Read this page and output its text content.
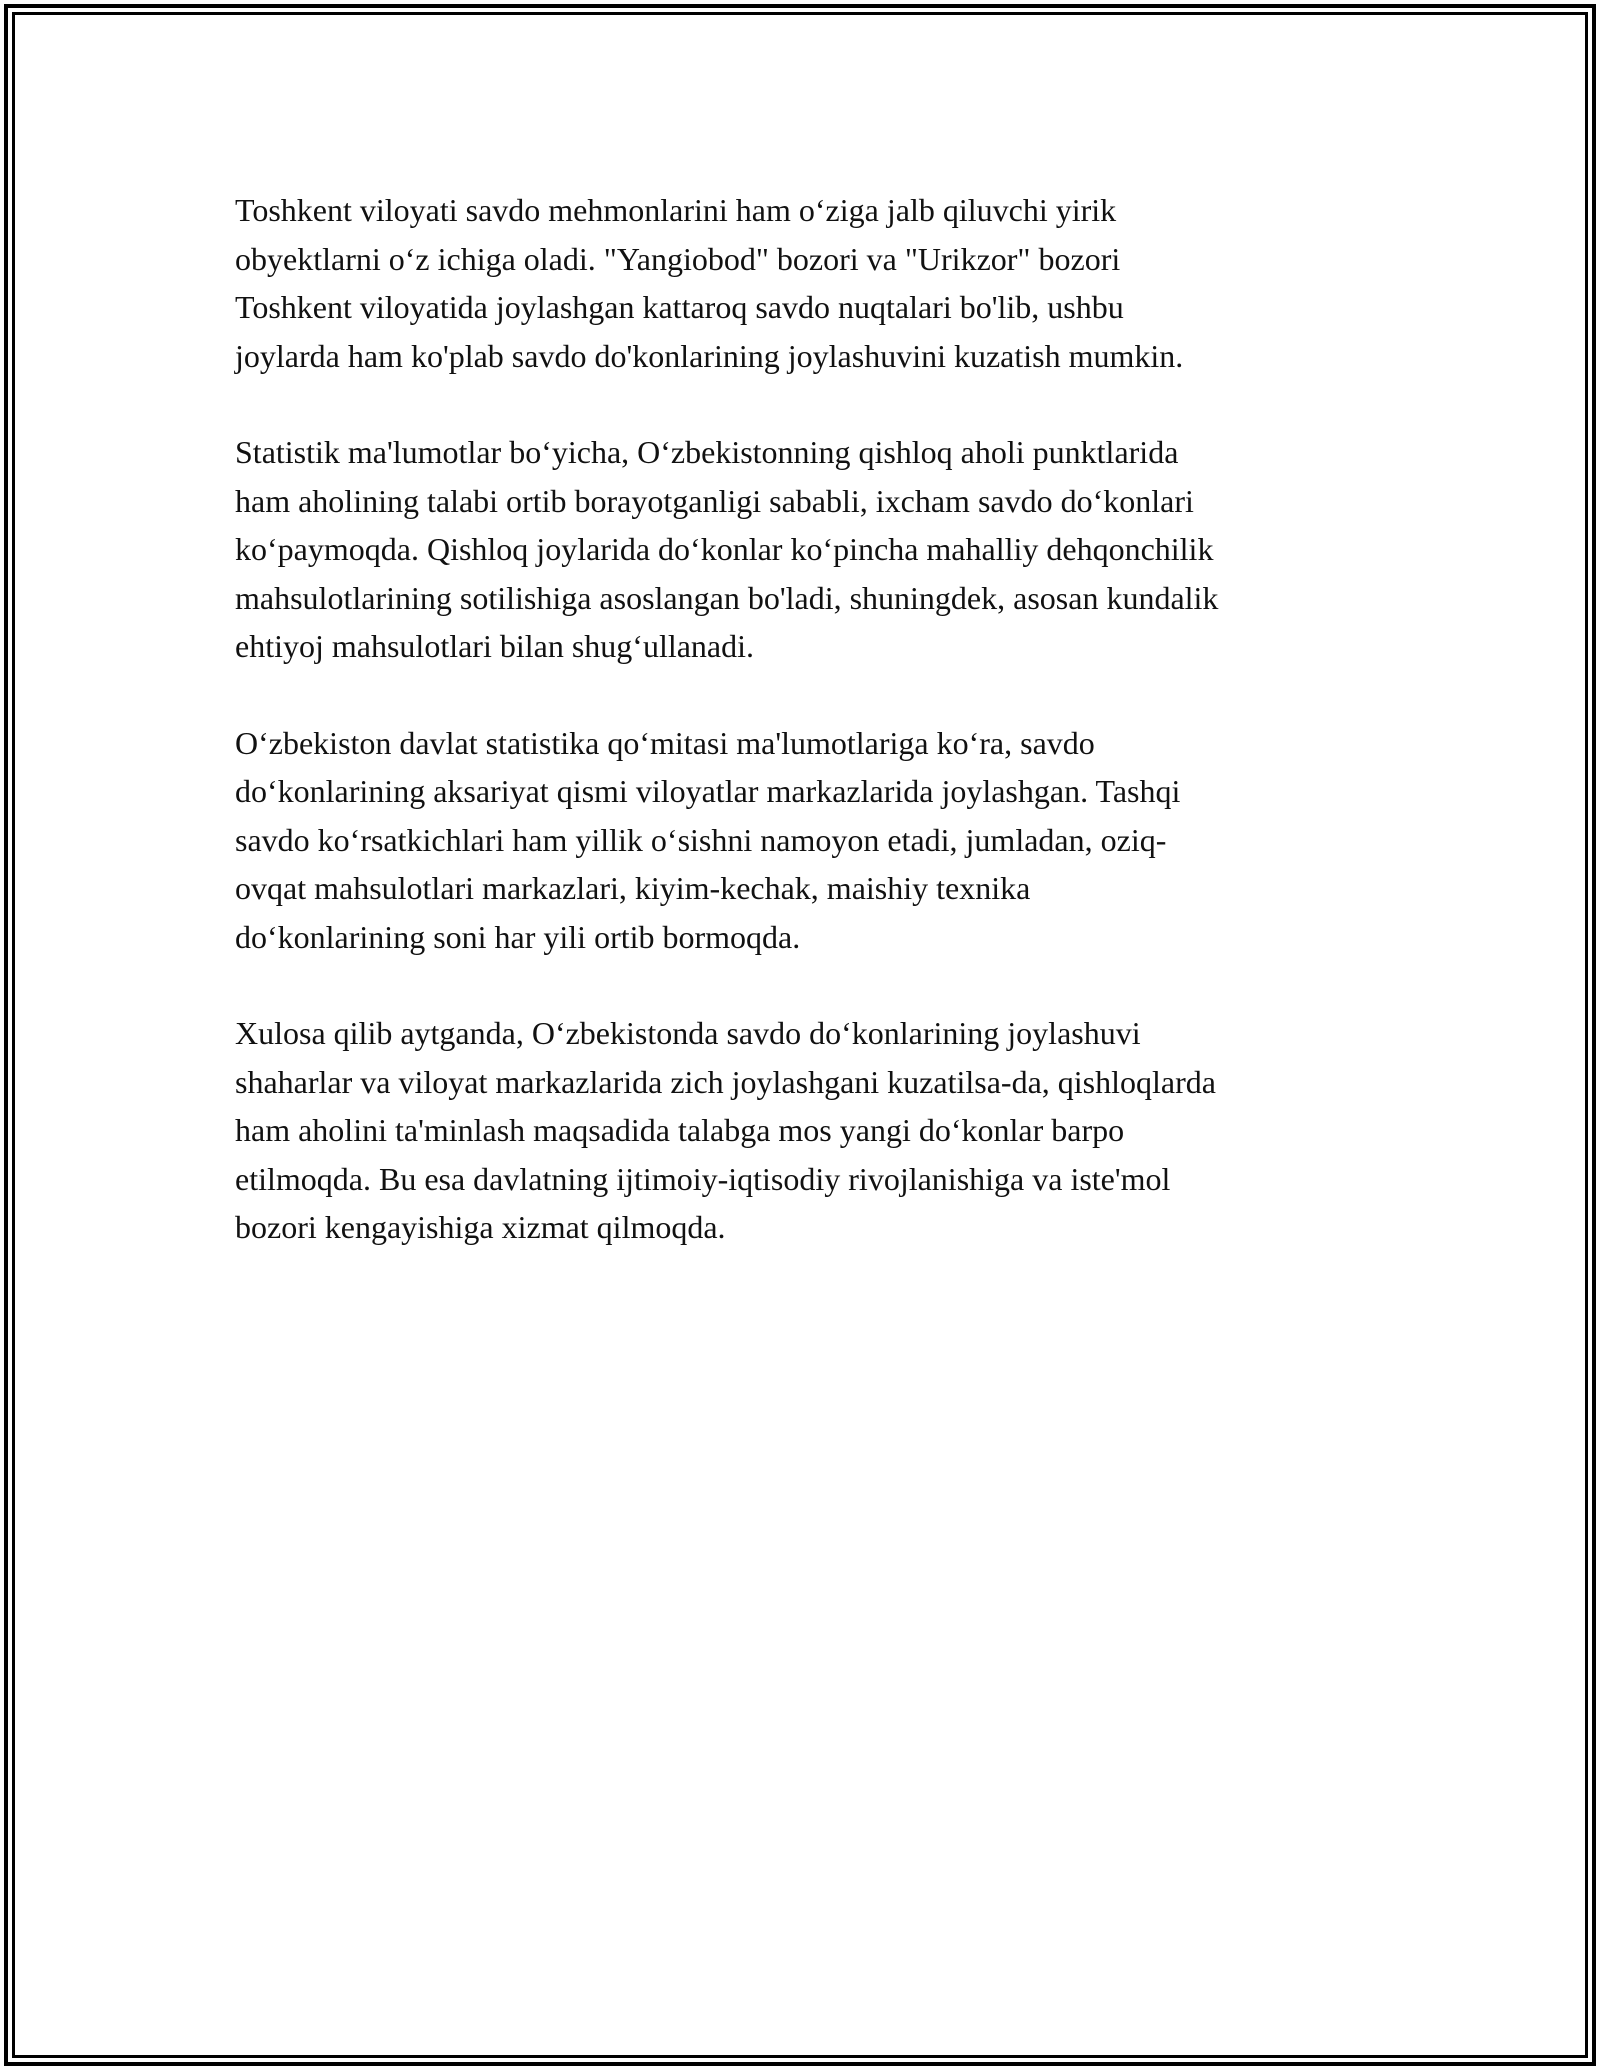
Toshkent viloyati savdo mehmonlarini ham o‘ziga jalb qiluvchi yirik
obyektlarni o‘z ichiga oladi. "Yangiobod" bozori va "Urikzor" bozori
Toshkent viloyatida joylashgan kattaroq savdo nuqtalari bo'lib, ushbu
joylarda ham ko'plab savdo do'konlarining joylashuvini kuzatish mumkin.

Statistik ma'lumotlar bo‘yicha, O‘zbekistonning qishloq aholi punktlarida
ham aholining talabi ortib borayotganligi sababli, ixcham savdo do‘konlari
ko‘paymoqda. Qishloq joylarida do‘konlar ko‘pincha mahalliy dehqonchilik
mahsulotlarining sotilishiga asoslangan bo'ladi, shuningdek, asosan kundalik
ehtiyoj mahsulotlari bilan shug‘ullanadi.

O‘zbekiston davlat statistika qo‘mitasi ma'lumotlariga ko‘ra, savdo
do‘konlarining aksariyat qismi viloyatlar markazlarida joylashgan. Tashqi
savdo ko‘rsatkichlari ham yillik o‘sishni namoyon etadi, jumladan, oziq-
ovqat mahsulotlari markazlari, kiyim-kechak, maishiy texnika
do‘konlarining soni har yili ortib bormoqda.

Xulosa qilib aytganda, O‘zbekistonda savdo do‘konlarining joylashuvi
shaharlar va viloyat markazlarida zich joylashgani kuzatilsa-da, qishloqlarda
ham aholini ta'minlash maqsadida talabga mos yangi do‘konlar barpo
etilmoqda. Bu esa davlatning ijtimoiy-iqtisodiy rivojlanishiga va iste'mol
bozori kengayishiga xizmat qilmoqda.
